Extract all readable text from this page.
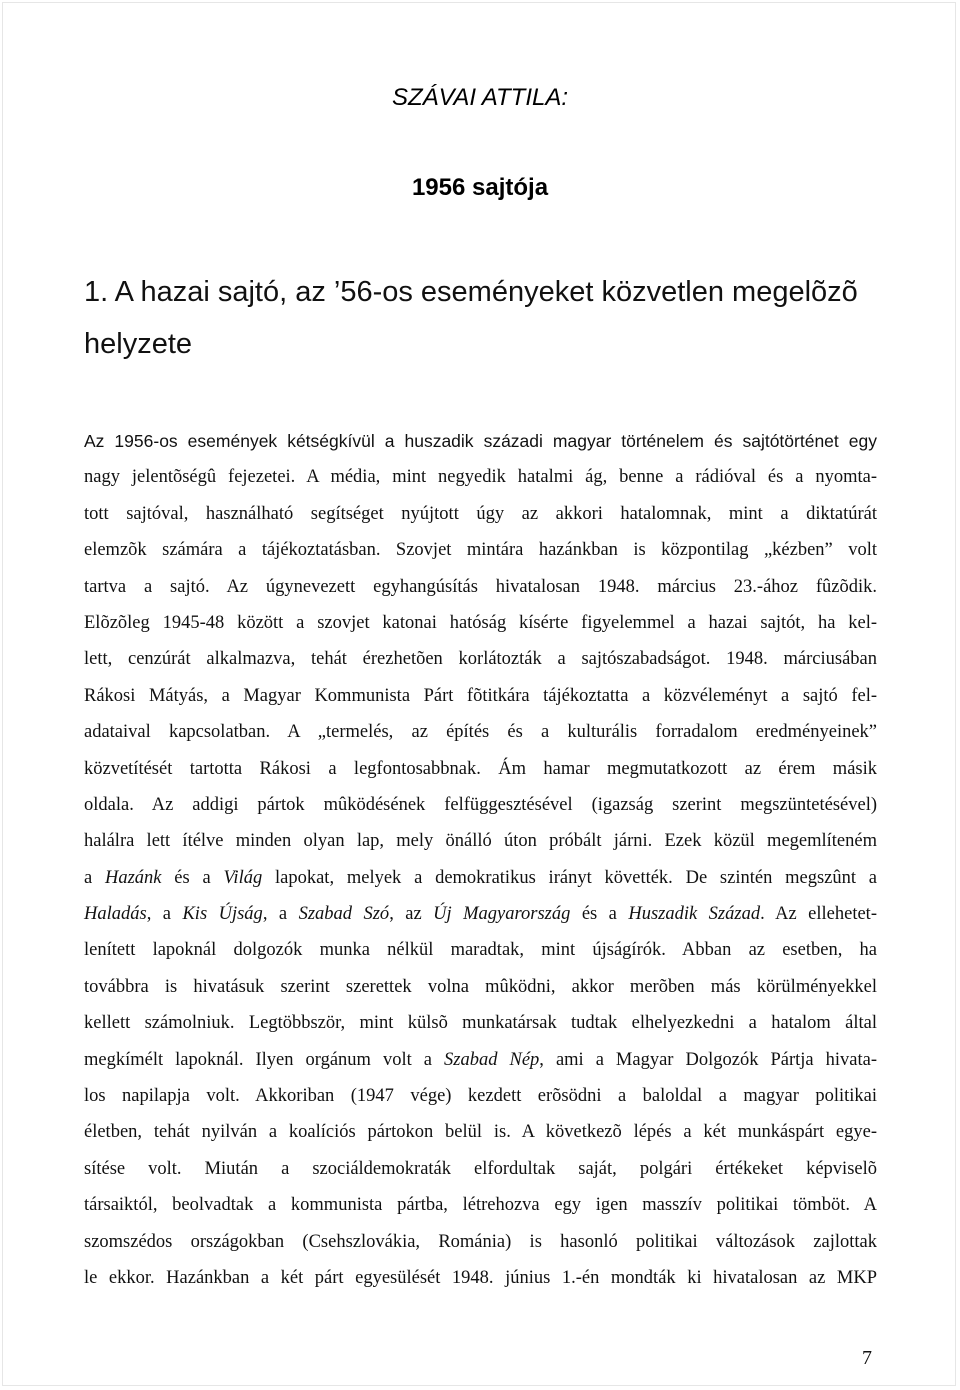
SZÁVAI ATTILA:
1956 sajtója
1. A hazai sajtó, az ’56-os eseményeket közvetlen megelõzõ
helyzete
Az 1956-os események kétségkívül a huszadik századi magyar történelem és sajtótörténet egy
nagy jelentõségû fejezetei. A média, mint negyedik hatalmi ág, benne a rádióval és a nyomta-
tott sajtóval, használható segítséget nyújtott úgy az akkori hatalomnak, mint a diktatúrát
elemzõk számára a tájékoztatásban. Szovjet mintára hazánkban is központilag „kézben” volt
tartva a sajtó. Az úgynevezett egyhangúsítás hivatalosan 1948. március 23.-ához fûzõdik.
Elõzõleg 1945-48 között a szovjet katonai hatóság kísérte figyelemmel a hazai sajtót, ha kel-
lett, cenzúrát alkalmazva, tehát érezhetõen korlátozták a sajtószabadságot. 1948. márciusában
Rákosi Mátyás, a Magyar Kommunista Párt fõtitkára tájékoztatta a közvéleményt a sajtó fel-
adataival kapcsolatban. A „termelés, az építés és a kulturális forradalom eredményeinek”
közvetítését tartotta Rákosi a legfontosabbnak. Ám hamar megmutatkozott az érem másik
oldala. Az addigi pártok mûködésének felfüggesztésével (igazság szerint megszüntetésével)
halálra lett ítélve minden olyan lap, mely önálló úton próbált járni. Ezek közül megemlíteném
a Hazánk és a Világ lapokat, melyek a demokratikus irányt követték. De szintén megszûnt a
Haladás, a Kis Újság, a Szabad Szó, az Új Magyarország és a Huszadik Század. Az ellehetet-
lenített lapoknál dolgozók munka nélkül maradtak, mint újságírók. Abban az esetben, ha
továbbra is hivatásuk szerint szerettek volna mûködni, akkor merõben más körülményekkel
kellett számolniuk. Legtöbbször, mint külsõ munkatársak tudtak elhelyezkedni a hatalom által
megkímélt lapoknál. Ilyen orgánum volt a Szabad Nép, ami a Magyar Dolgozók Pártja hivata-
los napilapja volt. Akkoriban (1947 vége) kezdett erõsödni a baloldal a magyar politikai
életben, tehát nyilván a koalíciós pártokon belül is. A következõ lépés a két munkáspárt egye-
sítése volt. Miután a szociáldemokraták elfordultak saját, polgári értékeket képviselõ
társaiktól, beolvadtak a kommunista pártba, létrehozva egy igen masszív politikai tömböt. A
szomszédos országokban (Csehszlovákia, Románia) is hasonló politikai változások zajlottak
le ekkor. Hazánkban a két párt egyesülését 1948. június 1.-én mondták ki hivatalosan az MKP
7
